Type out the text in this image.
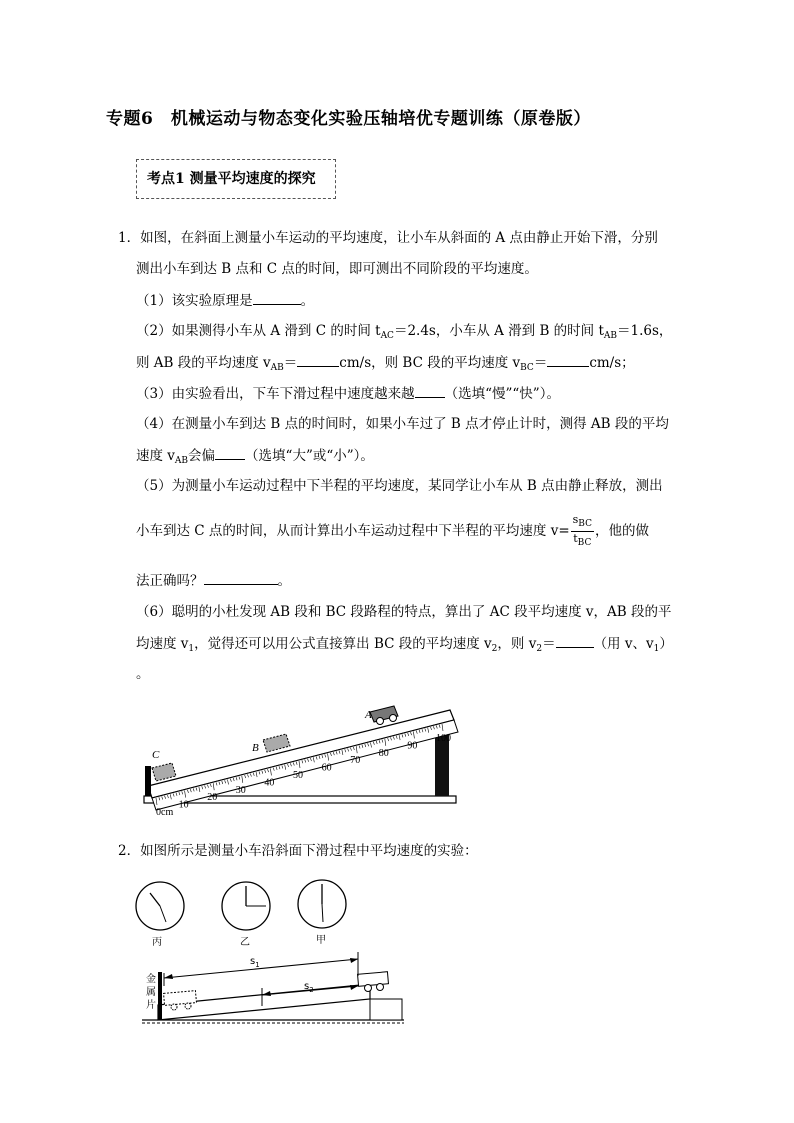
专题6　机械运动与物态变化实验压轴培优专题训练（原卷版）
考点1 测量平均速度的探究
1．如图，在斜面上测量小车运动的平均速度，让小车从斜面的 A 点由静止开始下滑，分别
测出小车到达 B 点和 C 点的时间，即可测出不同阶段的平均速度。
（1）该实验原理是	。
（2）如果测得小车从 A 滑到 C 的时间 $t_{AC}=2.4s$，小车从 A 滑到 B 的时间 $t_{AB}=1.6s$，
则 AB 段的平均速度 $v_{AB}=$	cm/s，则 BC 段的平均速度 $v_{BC}=$	cm/s；
（3）由实验看出，下车下滑过程中速度越来越 （选填“慢”“快”）。
（4）在测量小车到达 B 点的时间时，如果小车过了 B 点才停止计时，测得 AB 段的平均
速度 $v_{AB}$会偏 （选填“大”或“小”）。
（5）为测量小车运动过程中下半程的平均速度，某同学让小车从 B 点由静止释放，测出
小车到达 C 点的时间，从而计算出小车运动过程中下半程的平均速度 $v= \frac{s_{BC}}{t_{BC}}$ ，他的做
法正确吗？	。
（6）聪明的小杜发现 AB 段和 BC 段路程的特点，算出了 AC 段平均速度 v，AB 段的平
均速度 $v_1$，觉得还可以用公式直接算出 BC 段的平均速度 $v_2$，则 $v_2=$	（用 v、$v_1$）
。
A
B
C
0cm
10
20
30
40
50
60
70
80
90
100
2．如图所示是测量小车沿斜面下滑过程中平均速度的实验：
丙	乙	甲
金
属
片
$s_1$
$s_2$
